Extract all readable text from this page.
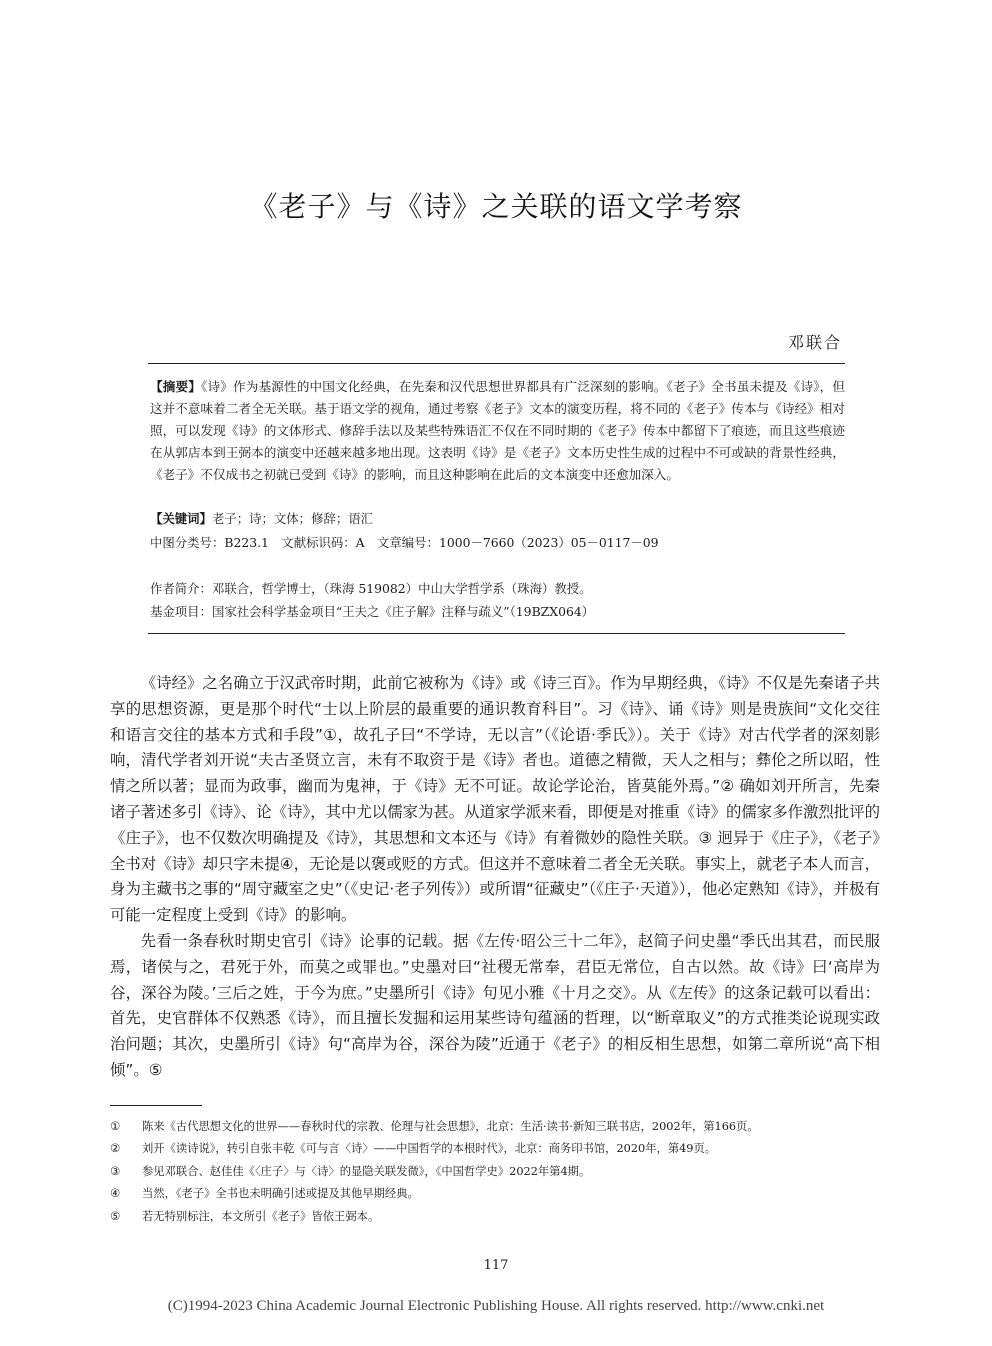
《老子》与《诗》之关联的语文学考察
邓联合
【摘要】《诗》作为基源性的中国文化经典，在先秦和汉代思想世界都具有广泛深刻的影响。《老子》全书虽未提及《诗》，但这并不意味着二者全无关联。基于语文学的视角，通过考察《老子》文本的演变历程，将不同的《老子》传本与《诗经》相对照，可以发现《诗》的文体形式、修辞手法以及某些特殊语汇不仅在不同时期的《老子》传本中都留下了痕迹，而且这些痕迹在从郭店本到王弼本的演变中还越来越多地出现。这表明《诗》是《老子》文本历史性生成的过程中不可或缺的背景性经典，《老子》不仅成书之初就已受到《诗》的影响，而且这种影响在此后的文本演变中还愈加深入。
【关键词】老子；诗；文体；修辞；语汇
中图分类号：B223.1　文献标识码：A　文章编号：1000－7660（2023）05－0117－09
作者简介：邓联合，哲学博士，（珠海 519082）中山大学哲学系（珠海）教授。
基金项目：国家社会科学基金项目“王夫之《庄子解》注释与疏义”（19BZX064）

《诗经》之名确立于汉武帝时期，此前它被称为《诗》或《诗三百》。作为早期经典，《诗》不仅是先秦诸子共享的思想资源，更是那个时代“士以上阶层的最重要的通识教育科目”。习《诗》、诵《诗》则是贵族间“文化交往和语言交往的基本方式和手段”①，故孔子曰“不学诗，无以言”（《论语·季氏》）。关于《诗》对古代学者的深刻影响，清代学者刘开说“夫古圣贤立言，未有不取资于是《诗》者也。道德之精微，天人之相与；彝伦之所以昭，性情之所以著；显而为政事，幽而为鬼神，于《诗》无不可证。故论学论治，皆莫能外焉。”② 确如刘开所言，先秦诸子著述多引《诗》、论《诗》，其中尤以儒家为甚。从道家学派来看，即便是对推重《诗》的儒家多作激烈批评的《庄子》，也不仅数次明确提及《诗》，其思想和文本还与《诗》有着微妙的隐性关联。③ 迥异于《庄子》，《老子》全书对《诗》却只字未提④，无论是以褒或贬的方式。但这并不意味着二者全无关联。事实上，就老子本人而言，身为主藏书之事的“周守藏室之史”（《史记·老子列传》）或所谓“征藏史”（《庄子·天道》），他必定熟知《诗》，并极有可能一定程度上受到《诗》的影响。

先看一条春秋时期史官引《诗》论事的记载。据《左传·昭公三十二年》，赵简子问史墨“季氏出其君，而民服焉，诸侯与之，君死于外，而莫之或罪也。”史墨对曰“社稷无常奉，君臣无常位，自古以然。故《诗》曰‘高岸为谷，深谷为陵。’三后之姓，于今为庶。”史墨所引《诗》句见小雅《十月之交》。从《左传》的这条记载可以看出：首先，史官群体不仅熟悉《诗》，而且擅长发掘和运用某些诗句蕴涵的哲理，以“断章取义”的方式推类论说现实政治问题；其次，史墨所引《诗》句“高岸为谷，深谷为陵”近通于《老子》的相反相生思想，如第二章所说“高下相倾”。⑤

①	陈来《古代思想文化的世界——春秋时代的宗教、伦理与社会思想》，北京：生活·读书·新知三联书店，2002年，第166页。
②	刘开《读诗说》，转引自张丰乾《可与言〈诗〉——中国哲学的本根时代》，北京：商务印书馆，2020年，第49页。
③	参见邓联合、赵佳佳《〈庄子〉与〈诗〉的显隐关联发微》，《中国哲学史》2022年第4期。
④	当然，《老子》全书也未明确引述或提及其他早期经典。
⑤	若无特别标注，本文所引《老子》皆依王弼本。
117
(C)1994-2023 China Academic Journal Electronic Publishing House. All rights reserved. http://www.cnki.net
